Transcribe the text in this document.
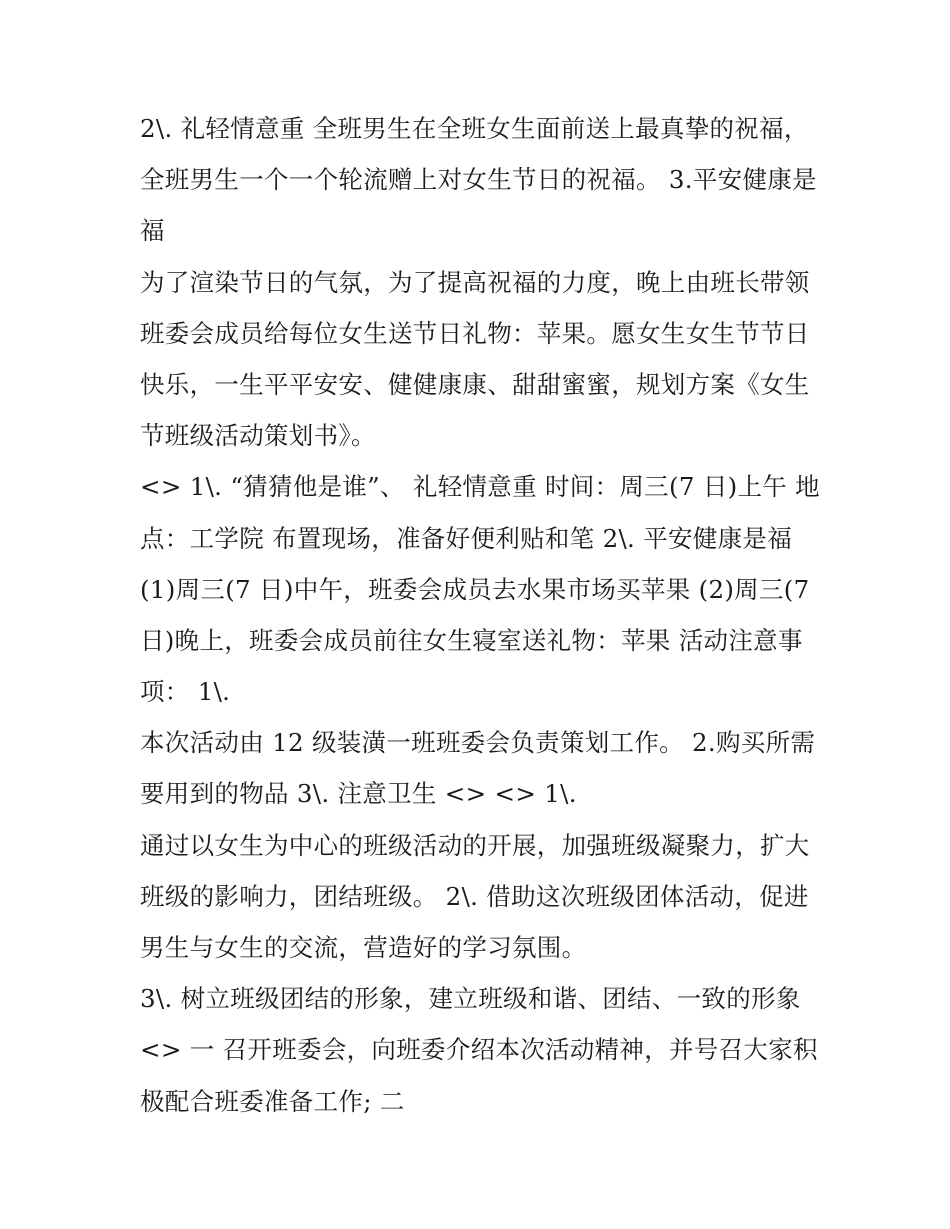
2\. 礼轻情意重 全班男生在全班女生面前送上最真挚的祝福，
全班男生一个一个轮流赠上对女生节日的祝福。 3.平安健康是
福
为了渲染节日的气氛，为了提高祝福的力度，晚上由班长带领
班委会成员给每位女生送节日礼物：苹果。愿女生女生节节日
快乐，一生平平安安、健健康康、甜甜蜜蜜，规划方案《女生
节班级活动策划书》。
<> 1\. “猜猜他是谁”、 礼轻情意重 时间：周三(7 日)上午 地
点：工学院 布置现场，准备好便利贴和笔 2\. 平安健康是福
(1)周三(7 日)中午，班委会成员去水果市场买苹果 (2)周三(7
日)晚上，班委会成员前往女生寝室送礼物：苹果 活动注意事
项： 1\.
本次活动由 12 级装潢一班班委会负责策划工作。 2.购买所需
要用到的物品 3\. 注意卫生 <> <> 1\.
通过以女生为中心的班级活动的开展，加强班级凝聚力，扩大
班级的影响力，团结班级。 2\. 借助这次班级团体活动，促进
男生与女生的交流，营造好的学习氛围。
3\. 树立班级团结的形象，建立班级和谐、团结、一致的形象
<> 一 召开班委会，向班委介绍本次活动精神，并号召大家积
极配合班委准备工作; 二
